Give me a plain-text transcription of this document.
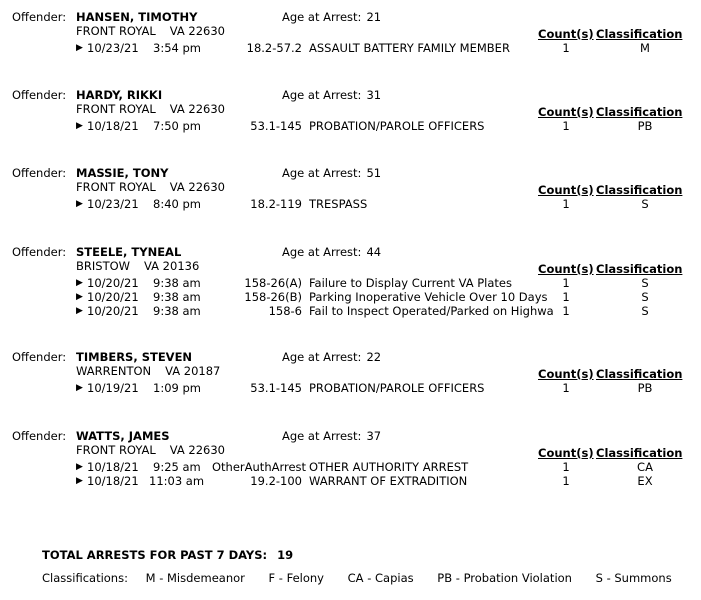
Offender: HANSEN, TIMOTHY	Age at Arrest: 21
FRONT ROYAL VA 22630	Count(s) Classification
▶ 10/23/21 3:54 pm	18.2-57.2 ASSAULT BATTERY FAMILY MEMBER	1	M
Offender: HARDY, RIKKI	Age at Arrest: 31
FRONT ROYAL VA 22630	Count(s) Classification
▶ 10/18/21 7:50 pm	53.1-145 PROBATION/PAROLE OFFICERS	1	PB
Offender: MASSIE, TONY	Age at Arrest: 51
FRONT ROYAL VA 22630	Count(s) Classification
▶ 10/23/21 8:40 pm	18.2-119 TRESPASS	1	S
Offender: STEELE, TYNEAL	Age at Arrest: 44
BRISTOW VA 20136	Count(s) Classification
▶ 10/20/21 9:38 am	158-26(A) Failure to Display Current VA Plates	1	S
▶ 10/20/21 9:38 am	158-26(B) Parking Inoperative Vehicle Over 10 Days	1	S
▶ 10/20/21 9:38 am	158-6 Fail to Inspect Operated/Parked on Highwa 1	S
Offender: TIMBERS, STEVEN	Age at Arrest: 22
WARRENTON VA 20187	Count(s) Classification
▶ 10/19/21 1:09 pm	53.1-145 PROBATION/PAROLE OFFICERS	1	PB
Offender: WATTS, JAMES	Age at Arrest: 37
FRONT ROYAL VA 22630	Count(s) Classification
▶ 10/18/21 9:25 am OtherAuthArrest OTHER AUTHORITY ARREST	1	CA
▶ 10/18/21 11:03 am	19.2-100 WARRANT OF EXTRADITION	1	EX
TOTAL ARRESTS FOR PAST 7 DAYS: 19
Classifications: M - Misdemeanor F - Felony CA - Capias PB - Probation Violation S - Summons
